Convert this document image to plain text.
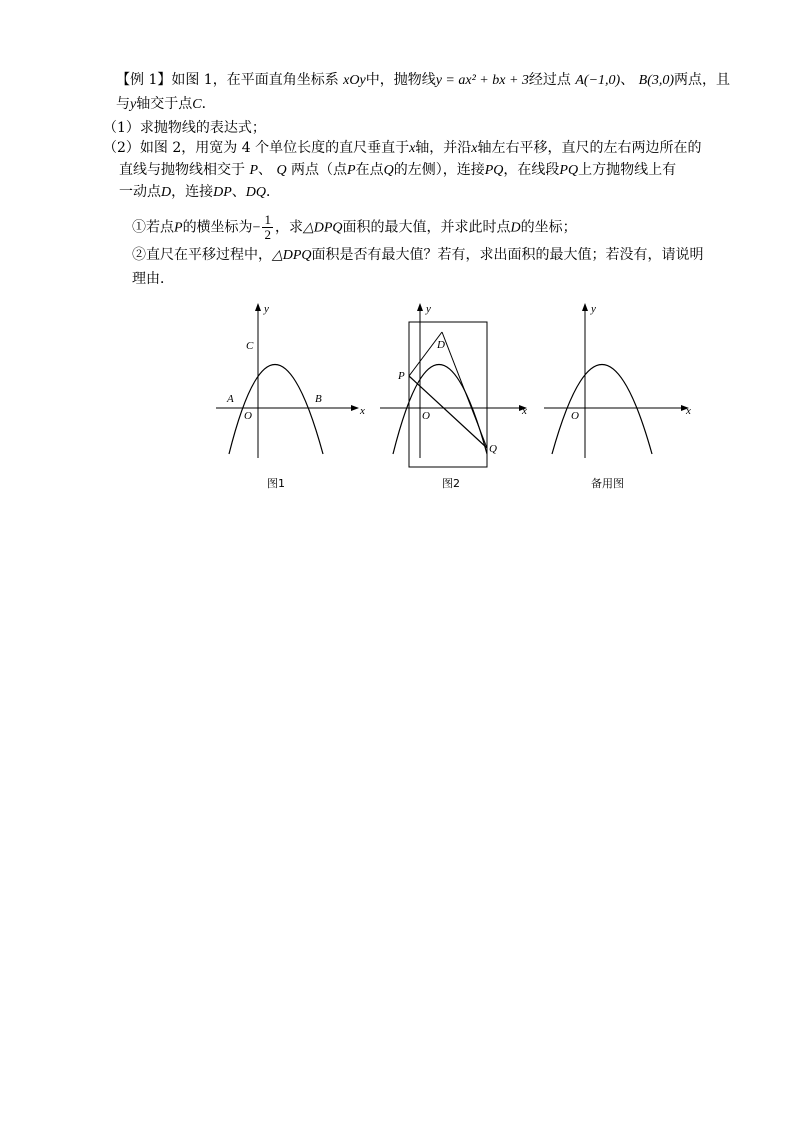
【例 1】如图 1，在平面直角坐标系 xOy中，抛物线y = ax² + bx + 3经过点 A(−1,0)、 B(3,0)两点，且
与y轴交于点C．
（1）求抛物线的表达式；
（2）如图 2，用宽为 4 个单位长度的直尺垂直于x轴，并沿x轴左右平移，直尺的左右两边所在的
直线与抛物线相交于 P、 Q 两点（点P在点Q的左侧），连接PQ，在线段PQ上方抛物线上有
一动点D，连接DP、DQ．
①若点P的横坐标为− $\frac{1}{2}$ ，求△DPQ面积的最大值，并求此时点D的坐标；
②直尺在平移过程中，△DPQ面积是否有最大值？若有，求出面积的最大值；若没有，请说明
理由．
y
x
O
A	B
C
图1
y
x
O
P
D
Q
图2
y
x
O
备用图
